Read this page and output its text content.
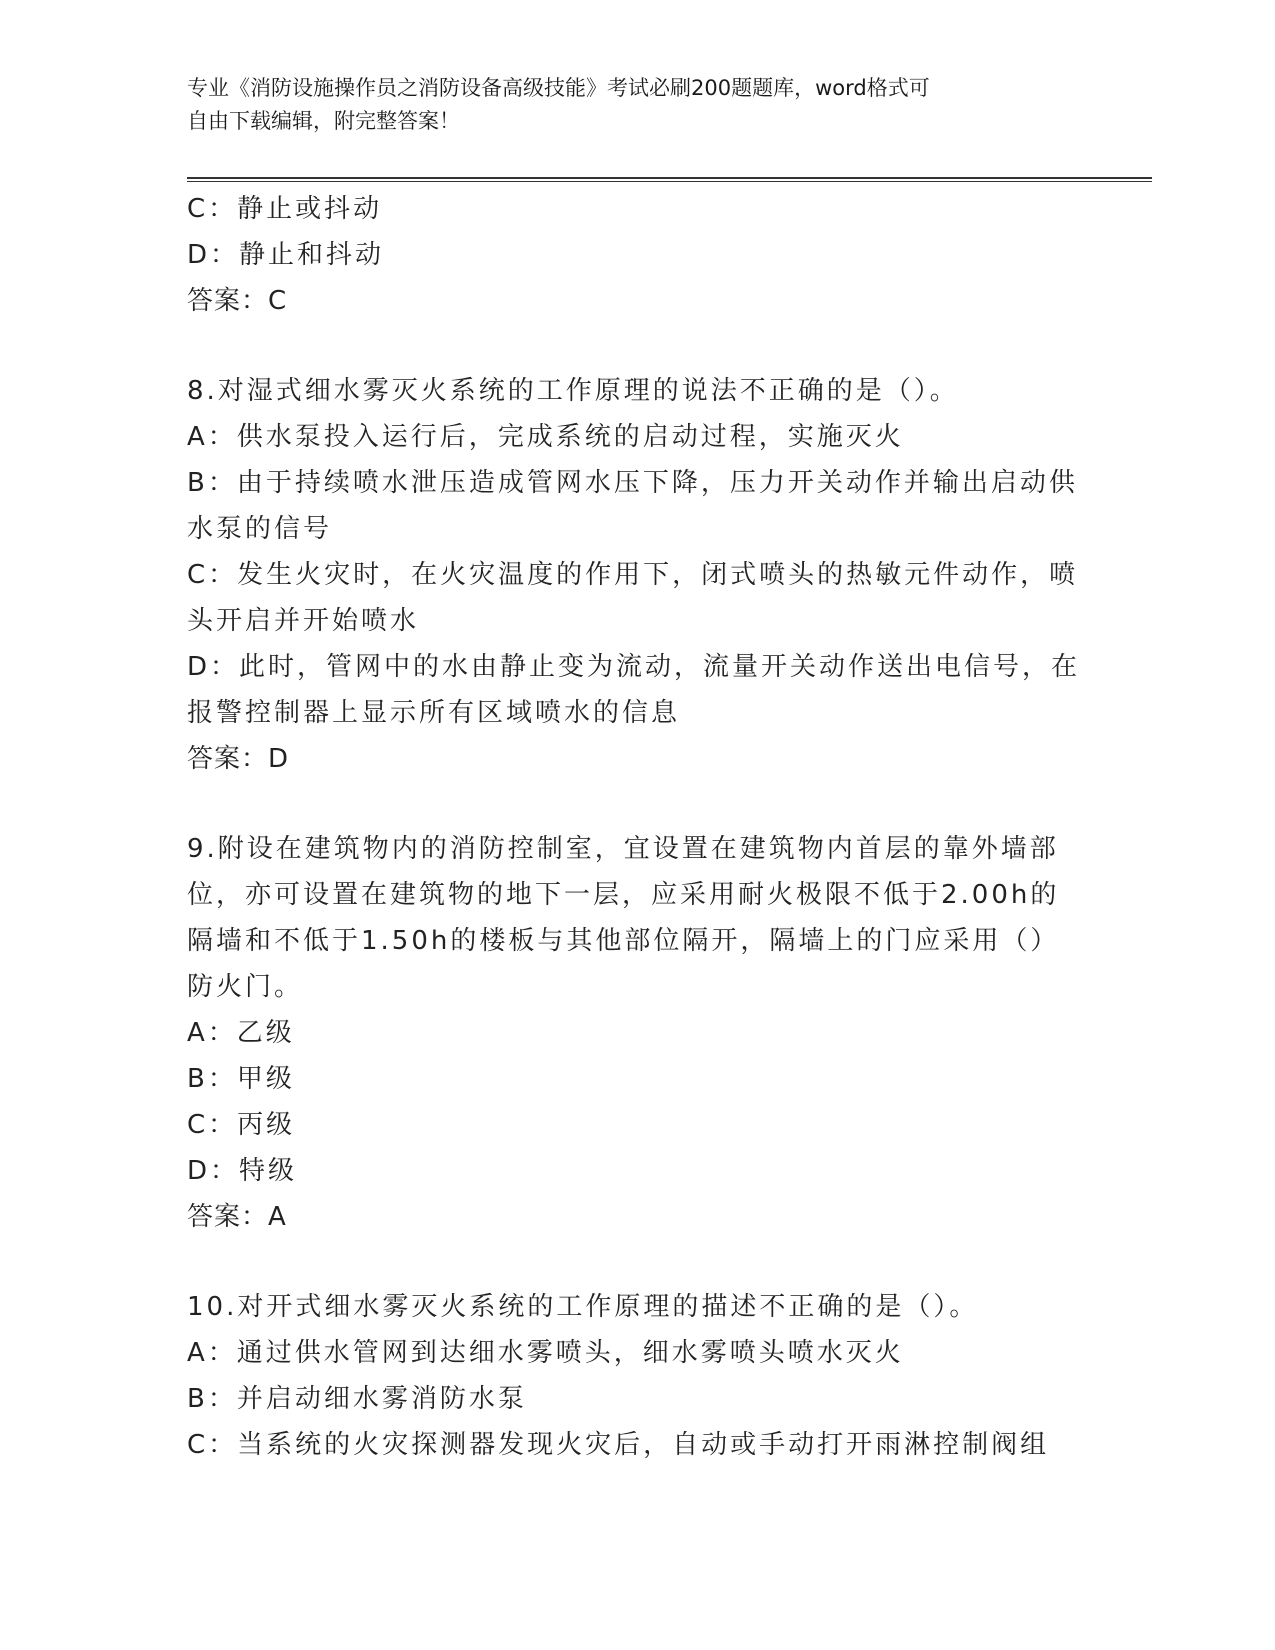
专业《消防设施操作员之消防设备高级技能》考试必刷200题题库，word格式可
自由下载编辑，附完整答案！

C：静止或抖动

D：静止和抖动

答案：C

8.对湿式细水雾灭火系统的工作原理的说法不正确的是（）。

A：供水泵投入运行后，完成系统的启动过程，实施灭火

B：由于持续喷水泄压造成管网水压下降，压力开关动作并输出启动供

水泵的信号

C：发生火灾时，在火灾温度的作用下，闭式喷头的热敏元件动作，喷

头开启并开始喷水

D：此时，管网中的水由静止变为流动，流量开关动作送出电信号，在

报警控制器上显示所有区域喷水的信息

答案：D

9.附设在建筑物内的消防控制室，宜设置在建筑物内首层的靠外墙部

位，亦可设置在建筑物的地下一层，应采用耐火极限不低于2.00h的

隔墙和不低于1.50h的楼板与其他部位隔开，隔墙上的门应采用（）

防火门。

A：乙级

B：甲级

C：丙级

D：特级

答案：A

10.对开式细水雾灭火系统的工作原理的描述不正确的是（）。

A：通过供水管网到达细水雾喷头，细水雾喷头喷水灭火

B：并启动细水雾消防水泵

C：当系统的火灾探测器发现火灾后，自动或手动打开雨淋控制阀组
